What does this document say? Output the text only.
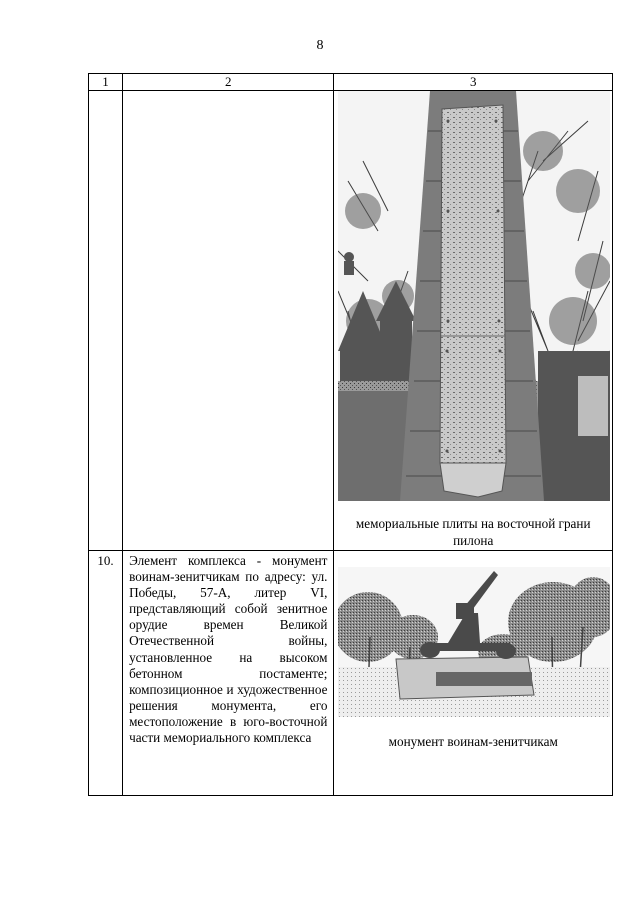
8
1	2	3

		мемориальные плиты на восточной грани пилона

10.	Элемент комплекса - монумент воинам-зенитчикам по адресу: ул. Победы, 57-А, литер VI, представляющий собой зенитное орудие времен Великой Отечественной войны, установленное на высоком бетонном постаменте; композиционное и художественное решения монумента, его местоположение в юго-восточной части мемориального комплекса	монумент воинам-зенитчикам
